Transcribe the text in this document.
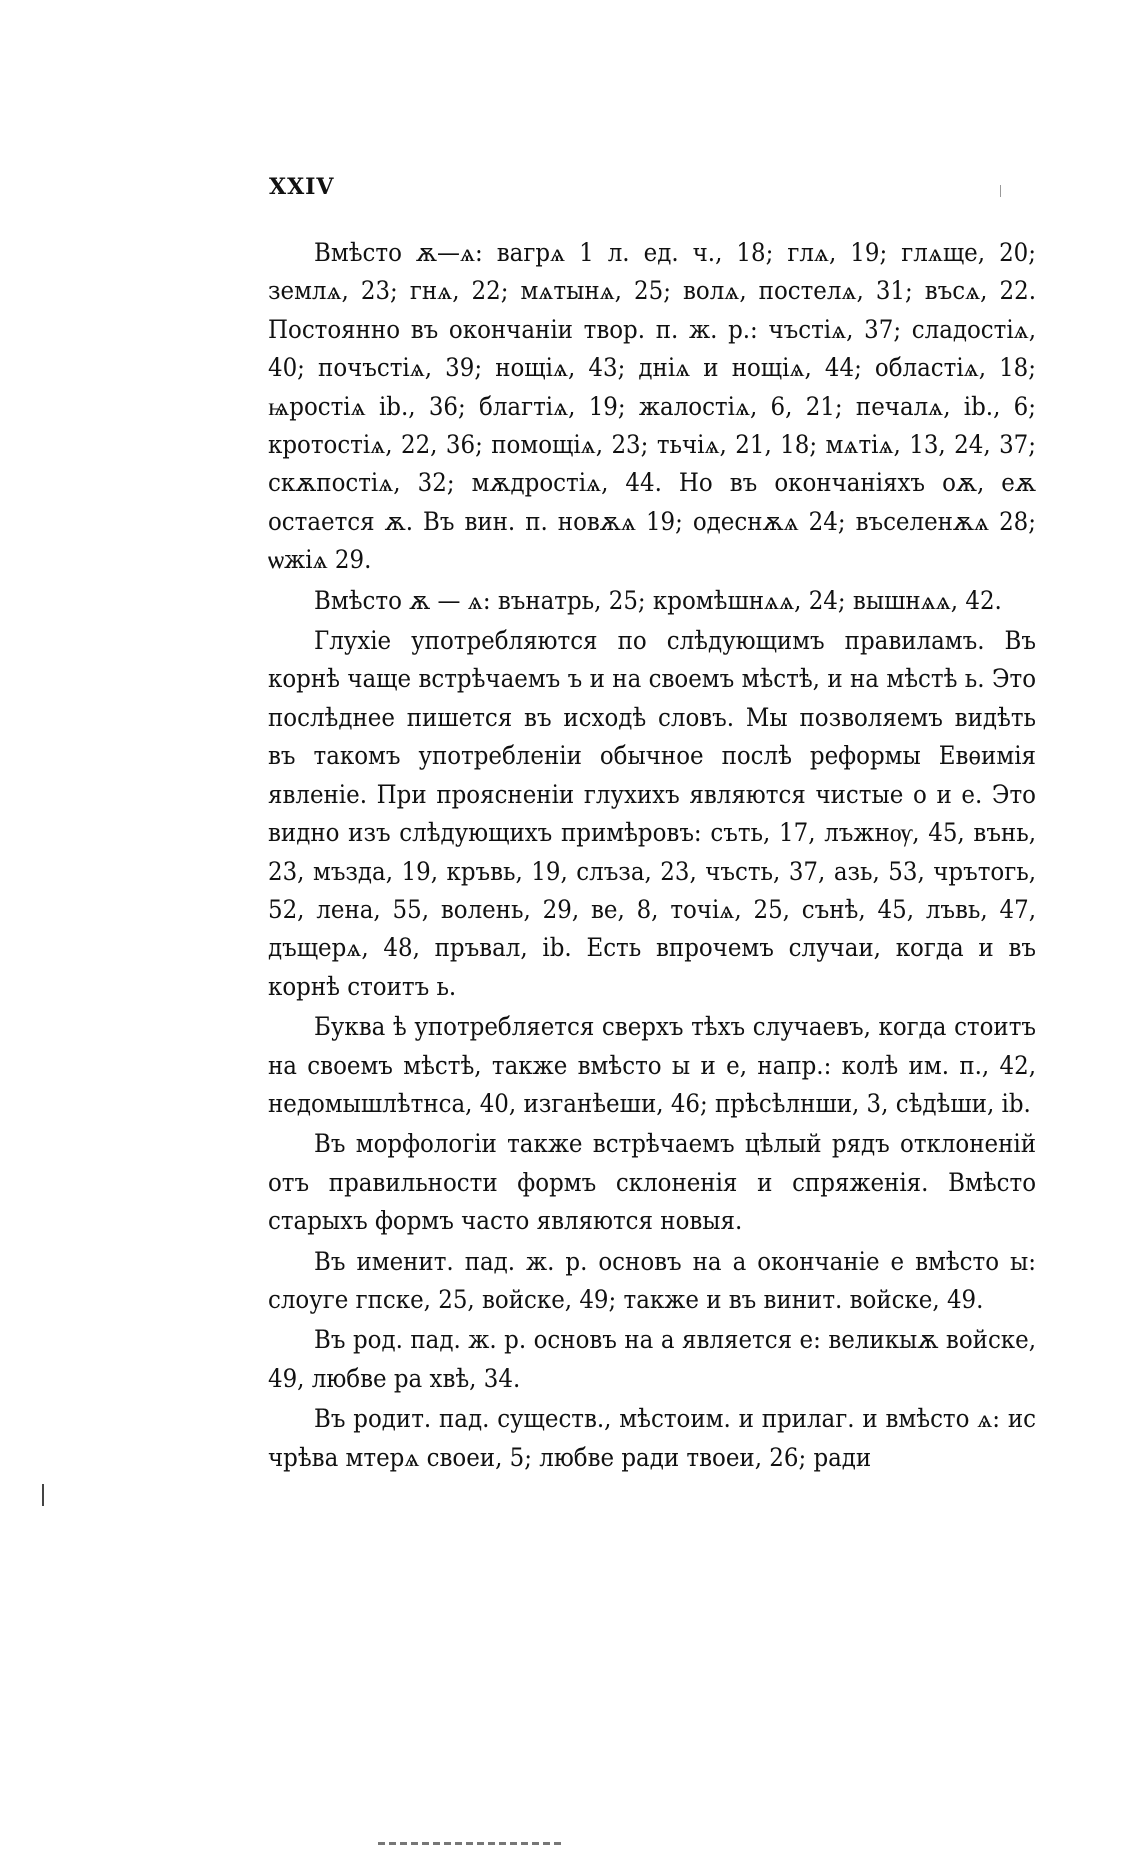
XXIV

Вмѣсто ѫ—ѧ: вагрѧ 1 л. ед. ч., 18; глѧ, 19; глѧще, 20; землѧ, 23; гнѧ, 22; мѧтынѧ, 25; волѧ, постелѧ, 31; въсѧ, 22. Постоянно въ окончаніи твор. п. ж. р.: чъстіѧ, 37; сладостіѧ, 40; почъстіѧ, 39; нощіѧ, 43; дніѧ и нощіѧ, 44; областіѧ, 18; ѩростіѧ ib., 36; благтіѧ, 19; жалостіѧ, 6, 21; печалѧ, ib., 6; кротостіѧ, 22, 36; помощіѧ, 23; тьчіѧ, 21, 18; мѧтіѧ, 13, 24, 37; скѫпостіѧ, 32; мѫдростіѧ, 44. Но въ окончаніяхъ оѫ, еѫ остается ѫ. Въ вин. п. новѫѧ 19; одеснѫѧ 24; въселенѫѧ 28; ѡжіѧ 29.

Вмѣсто ѫ — ѧ: вънатрь, 25; кромѣшнѧѧ, 24; вышнѧѧ, 42.

Глухіе употребляются по слѣдующимъ правиламъ. Въ корнѣ чаще встрѣчаемъ ъ и на своемъ мѣстѣ, и на мѣстѣ ь. Это послѣднее пишется въ исходѣ словъ. Мы позволяемъ видѣть въ такомъ употребленіи обычное послѣ реформы Евѳимія явленіе. При проясненіи глухихъ являются чистые о и е. Это видно изъ слѣдующихъ примѣровъ: съть, 17, лъжнѹ, 45, вънь, 23, мъзда, 19, кръвь, 19, слъза, 23, чъсть, 37, азь, 53, чрътогь, 52, лена, 55, волень, 29, ве, 8, точіѧ, 25, сънѣ, 45, лъвь, 47, дъщерѧ, 48, пръвал, ib. Есть впрочемъ случаи, когда и въ корнѣ стоитъ ь.

Буква ѣ употребляется сверхъ тѣхъ случаевъ, когда стоитъ на своемъ мѣстѣ, также вмѣсто ы и е, напр.: колѣ им. п., 42, недомышлѣтнса, 40, изганѣеши, 46; прѣсѣлнши, 3, сѣдѣши, ib.

Въ морфологіи также встрѣчаемъ цѣлый рядъ отклоненій отъ правильности формъ склоненія и спряженія. Вмѣсто старыхъ формъ часто являются новыя.

Въ именит. пад. ж. р. основъ на а окончаніе е вмѣсто ы: слоуге гпске, 25, войске, 49; также и въ винит. войске, 49.

Въ род. пад. ж. р. основъ на а является е: великыѫ войске, 49, любве ра хвѣ, 34.

Въ родит. пад. существ., мѣстоим. и прилаг. и вмѣсто ѧ: ис чрѣва мтерѧ своеи, 5; любве ради твоеи, 26; ради
